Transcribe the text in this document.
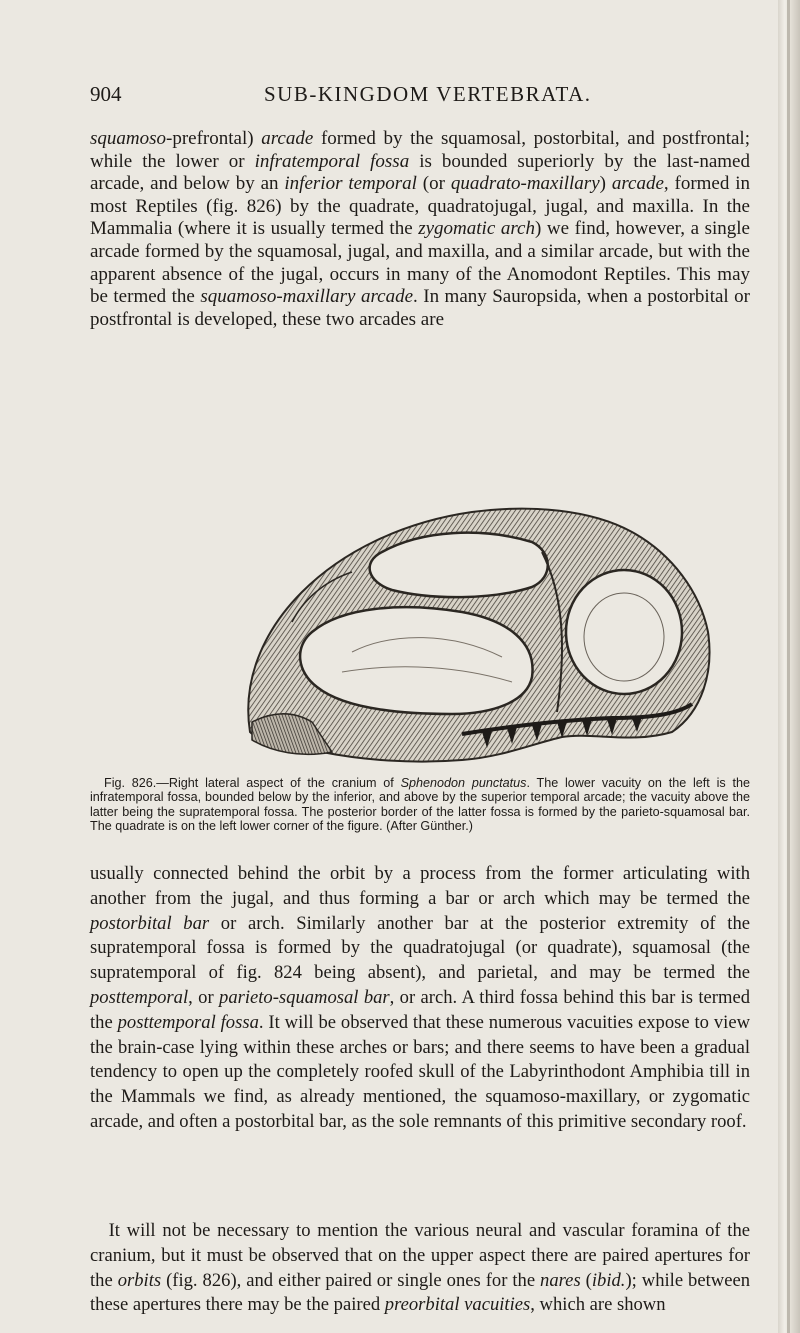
904	SUB-KINGDOM VERTEBRATA.

squamoso-prefrontal) arcade formed by the squamosal, postorbital, and postfrontal; while the lower or infratemporal fossa is bounded superiorly by the last-named arcade, and below by an inferior temporal (or quadrato-maxillary) arcade, formed in most Reptiles (fig. 826) by the quadrate, quadratojugal, jugal, and maxilla. In the Mammalia (where it is usually termed the zygomatic arch) we find, however, a single arcade formed by the squamosal, jugal, and maxilla, and a similar arcade, but with the apparent absence of the jugal, occurs in many of the Anomodont Reptiles. This may be termed the squamoso-maxillary arcade. In many Sauropsida, when a postorbital or postfrontal is developed, these two arcades are

Fig. 826.—Right lateral aspect of the cranium of Sphenodon punctatus. The lower vacuity on the left is the infratemporal fossa, bounded below by the inferior, and above by the superior temporal arcade; the vacuity above the latter being the supratemporal fossa. The posterior border of the latter fossa is formed by the parieto-squamosal bar. The quadrate is on the left lower corner of the figure. (After Günther.)

usually connected behind the orbit by a process from the former articulating with another from the jugal, and thus forming a bar or arch which may be termed the postorbital bar or arch. Similarly another bar at the posterior extremity of the supratemporal fossa is formed by the quadratojugal (or quadrate), squamosal (the supratemporal of fig. 824 being absent), and parietal, and may be termed the posttemporal, or parieto-squamosal bar, or arch. A third fossa behind this bar is termed the posttemporal fossa. It will be observed that these numerous vacuities expose to view the brain-case lying within these arches or bars; and there seems to have been a gradual tendency to open up the completely roofed skull of the Labyrinthodont Amphibia till in the Mammals we find, as already mentioned, the squamoso-maxillary, or zygomatic arcade, and often a postorbital bar, as the sole remnants of this primitive secondary roof.

 It will not be necessary to mention the various neural and vascular foramina of the cranium, but it must be observed that on the upper aspect there are paired apertures for the orbits (fig. 826), and either paired or single ones for the nares (ibid.); while between these apertures there may be the paired preorbital vacuities, which are shown
